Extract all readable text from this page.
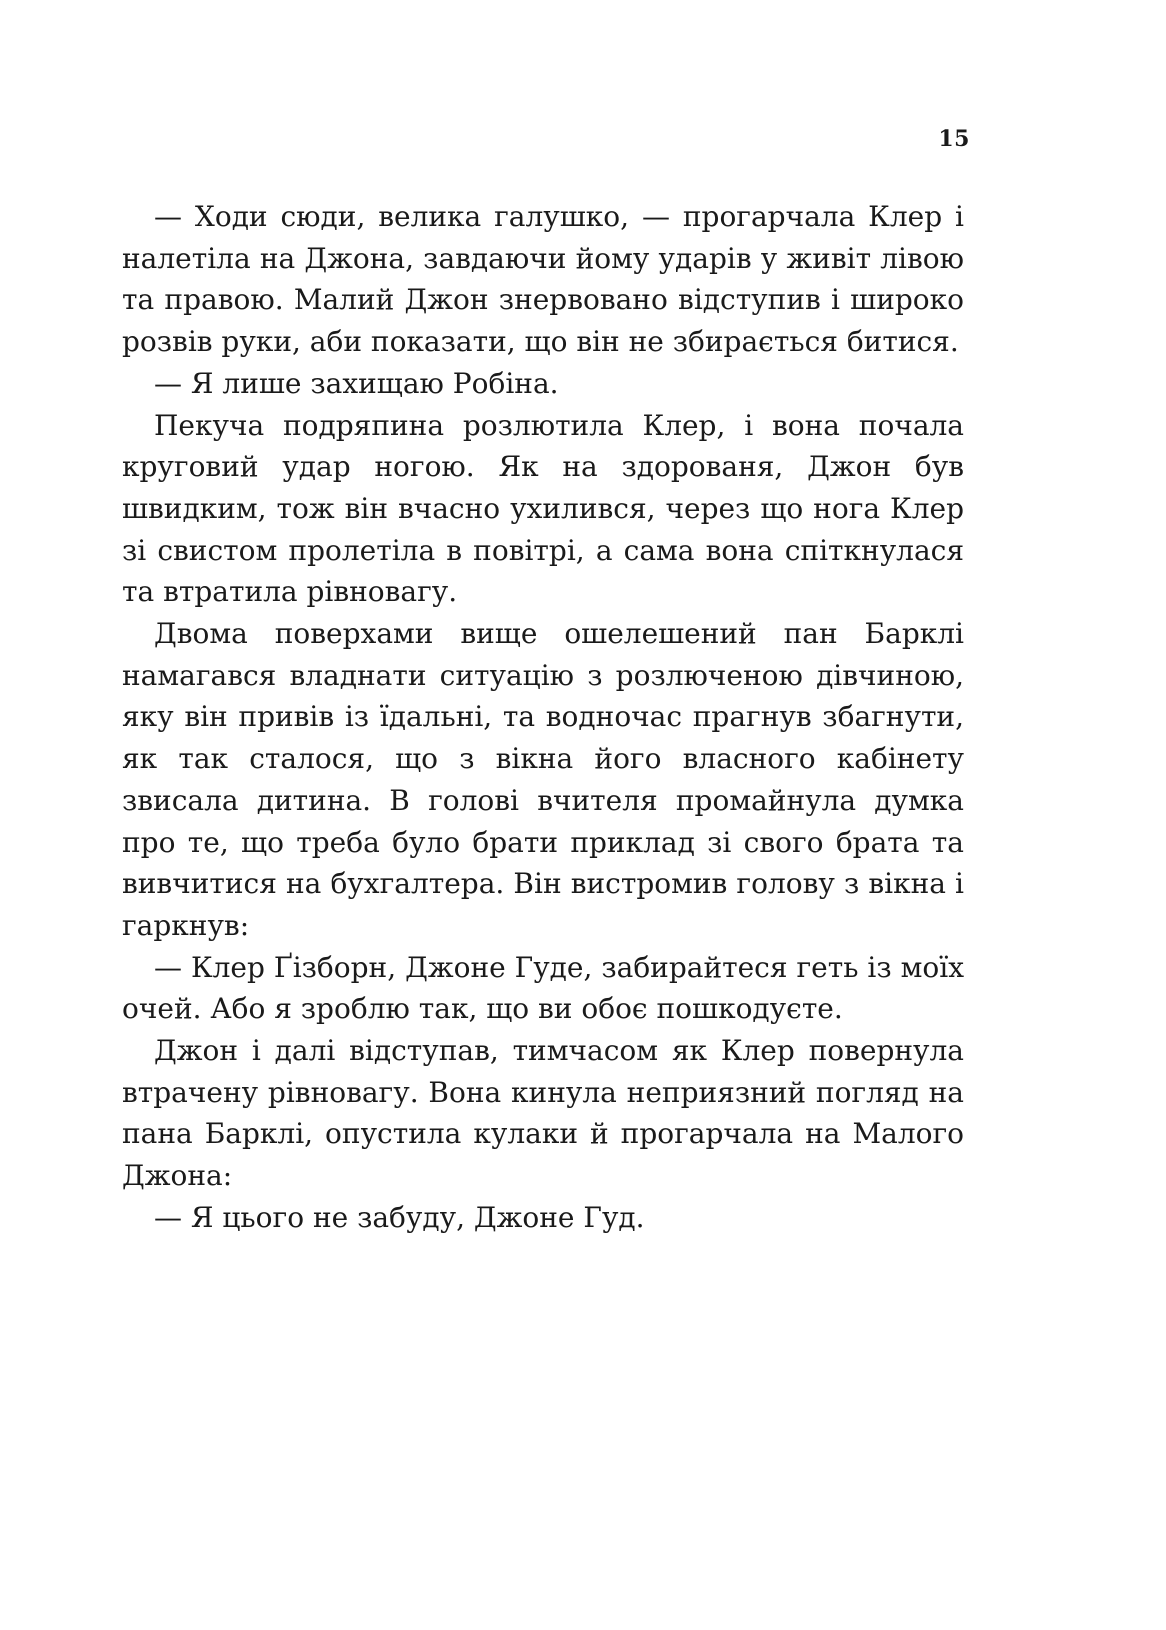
15

— Ходи сюди, велика галушко, — прогарчала Клер і налетіла на Джона, завдаючи йому ударів у живіт лівою та правою. Малий Джон знервовано відступив і широко розвів руки, аби показати, що він не збирається битися.

— Я лише захищаю Робіна.

Пекуча подряпина розлютила Клер, і вона почала круговий удар ногою. Як на здорованя, Джон був швидким, тож він вчасно ухилився, через що нога Клер зі свистом пролетіла в повітрі, а сама вона спіткнулася та втратила рівновагу.

Двома поверхами вище ошелешений пан Барклі намагався владнати ситуацію з розлюченою дівчиною, яку він привів із їдальні, та водночас прагнув збагнути, як так сталося, що з вікна його власного кабінету звисала дитина. В голові вчителя промайнула думка про те, що треба було брати приклад зі свого брата та вивчитися на бухгалтера. Він вистромив голову з вікна і гаркнув:

— Клер Ґізборн, Джоне Гуде, забирайтеся геть із моїх очей. Або я зроблю так, що ви обоє пошкодуєте.

Джон і далі відступав, тимчасом як Клер повернула втрачену рівновагу. Вона кинула неприязний погляд на пана Барклі, опустила кулаки й прогарчала на Малого Джона:

— Я цього не забуду, Джоне Гуд.
